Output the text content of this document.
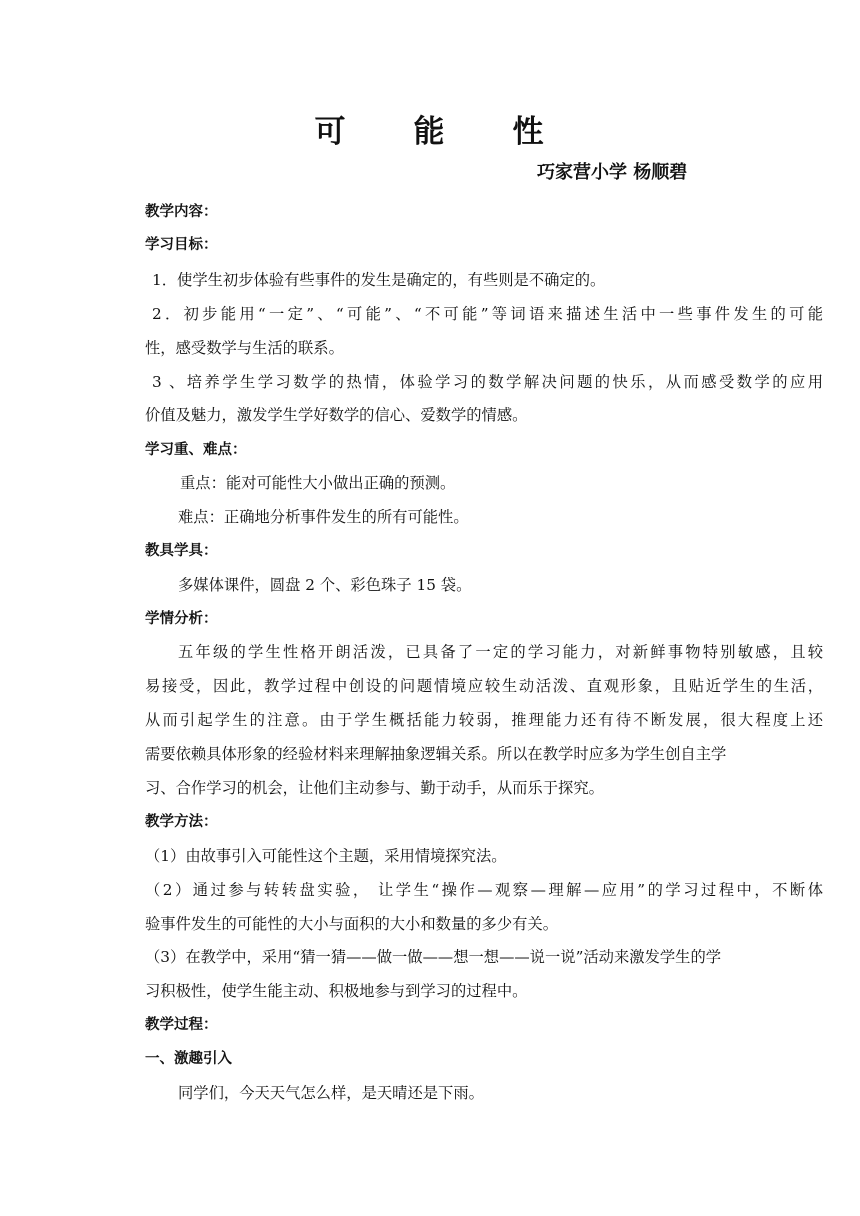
可 能 性
巧家营小学 杨顺碧
教学内容：
学习目标：
1．使学生初步体验有些事件的发生是确定的，有些则是不确定的。
2．初步能用“一定”、“可能”、“不可能”等词语来描述生活中一些事件发生的可能
性，感受数学与生活的联系。
3 、培养学生学习数学的热情，体验学习的数学解决问题的快乐，从而感受数学的应用
价值及魅力，激发学生学好数学的信心、爱数学的情感。
学习重、难点：
重点：能对可能性大小做出正确的预测。
难点：正确地分析事件发生的所有可能性。
教具学具：
多媒体课件，圆盘 2 个、彩色珠子 15 袋。
学情分析：
五年级的学生性格开朗活泼，已具备了一定的学习能力，对新鲜事物特别敏感，且较
易接受，因此，教学过程中创设的问题情境应较生动活泼、直观形象，且贴近学生的生活，
从而引起学生的注意。由于学生概括能力较弱，推理能力还有待不断发展，很大程度上还
需要依赖具体形象的经验材料来理解抽象逻辑关系。所以在教学时应多为学生创自主学
习、合作学习的机会，让他们主动参与、勤于动手，从而乐于探究。
教学方法：
（1）由故事引入可能性这个主题，采用情境探究法。
（2）通过参与转转盘实验， 让学生“操作—观察—理解—应用”的学习过程中，不断体
验事件发生的可能性的大小与面积的大小和数量的多少有关。
（3）在教学中，采用“猜一猜——做一做——想一想——说一说”活动来激发学生的学
习积极性，使学生能主动、积极地参与到学习的过程中。
教学过程：
一、激趣引入
同学们，今天天气怎么样，是天晴还是下雨。
